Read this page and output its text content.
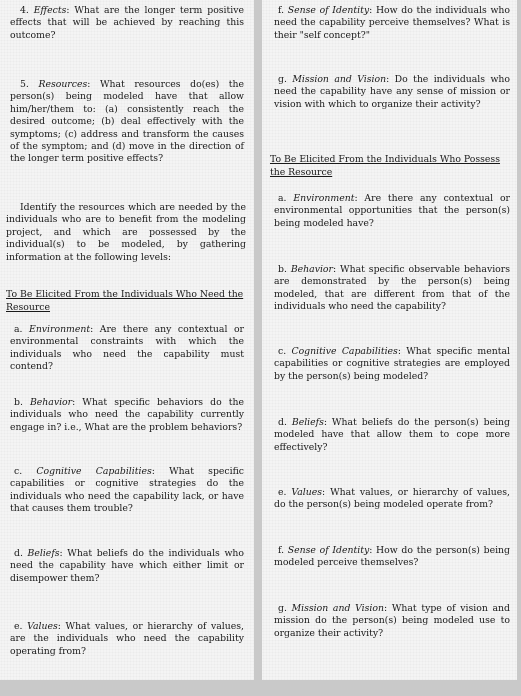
4. Effects: What are the longer term positive effects that will be achieved by reaching this outcome?

5. Resources: What resources do(es) the person(s) being modeled have that allow him/her/them to: (a) consistently reach the desired outcome; (b) deal effectively with the symptoms; (c) address and transform the causes of the symptom; and (d) move in the direction of the longer term positive effects?

Identify the resources which are needed by the individuals who are to benefit from the modeling project, and which are possessed by the individual(s) to be modeled, by gathering information at the following levels:

To Be Elicited From the Individuals Who Need the Resource

a. Environment: Are there any contextual or environmental constraints with which the individuals who need the capability must contend?

b. Behavior: What specific behaviors do the individuals who need the capability currently engage in? i.e., What are the problem behaviors?

c. Cognitive Capabilities: What specific capabilities or cognitive strategies do the individuals who need the capability lack, or have that causes them trouble?

d. Beliefs: What beliefs do the individuals who need the capability have which either limit or disempower them?

e. Values: What values, or hierarchy of values, are the individuals who need the capability operating from?

f. Sense of Identity: How do the individuals who need the capability perceive themselves? What is their "self concept?"

g. Mission and Vision: Do the individuals who need the capability have any sense of mission or vision with which to organize their activity?

To Be Elicited From the Individuals Who Possess the Resource

a. Environment: Are there any contextual or environmental opportunities that the person(s) being modeled have?

b. Behavior: What specific observable behaviors are demonstrated by the person(s) being modeled, that are different from that of the individuals who need the capability?

c. Cognitive Capabilities: What specific mental capabilities or cognitive strategies are employed by the person(s) being modeled?

d. Beliefs: What beliefs do the person(s) being modeled have that allow them to cope more effectively?

e. Values: What values, or hierarchy of values, do the person(s) being modeled operate from?

f. Sense of Identity: How do the person(s) being modeled perceive themselves?

g. Mission and Vision: What type of vision and mission do the person(s) being modeled use to organize their activity?
